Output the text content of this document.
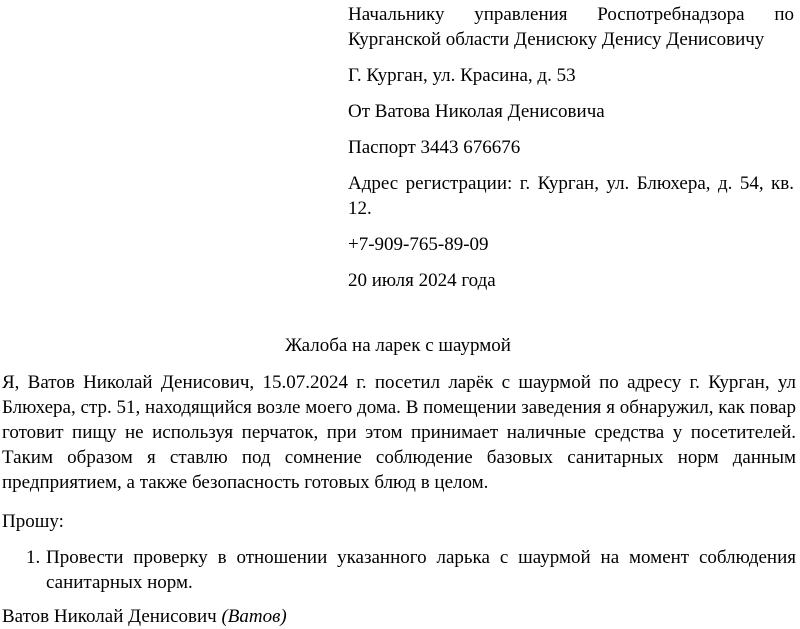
Начальнику управления Роспотребнадзора по Курганской области Денисюку Денису Денисовичу

Г. Курган, ул. Красина, д. 53

От Ватова Николая Денисовича

Паспорт 3443 676676

Адрес регистрации: г. Курган, ул. Блюхера, д. 54, кв. 12.

+7-909-765-89-09

20 июля 2024 года

Жалоба на ларек с шаурмой

Я, Ватов Николай Денисович, 15.07.2024 г. посетил ларёк с шаурмой по адресу г. Курган, ул Блюхера, стр. 51, находящийся возле моего дома. В помещении заведения я обнаружил, как повар готовит пищу не используя перчаток, при этом принимает наличные средства у посетителей. Таким образом я ставлю под сомнение соблюдение базовых санитарных норм данным предприятием, а также безопасность готовых блюд в целом.

Прошу:

1. Провести проверку в отношении указанного ларька с шаурмой на момент соблюдения санитарных норм.

Ватов Николай Денисович (Ватов)
